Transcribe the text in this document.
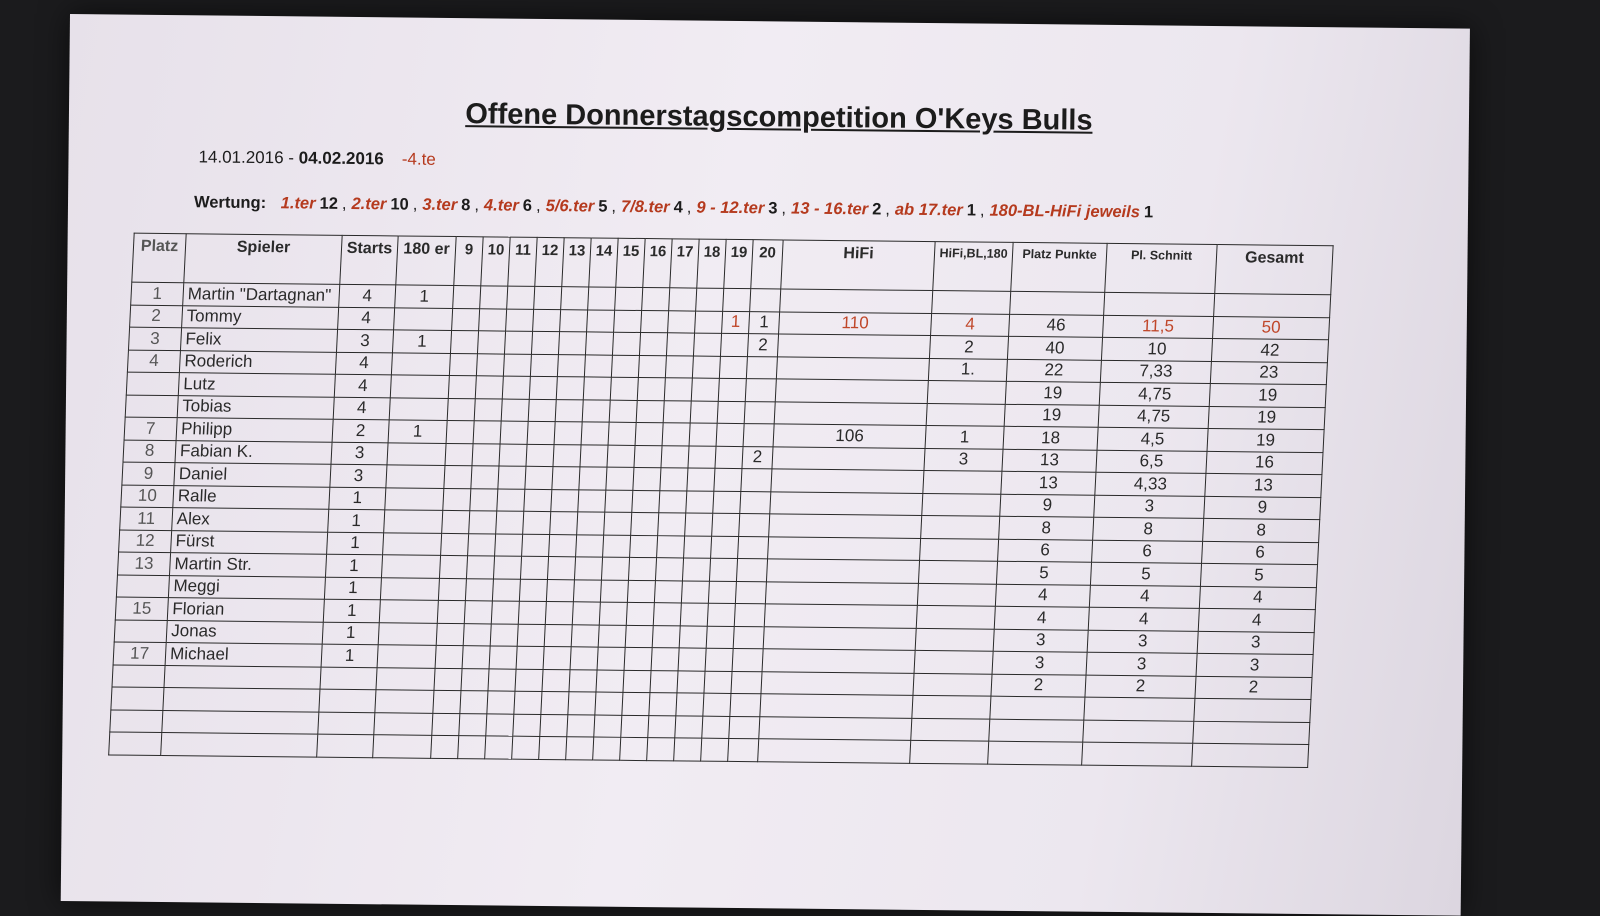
Offene Donnerstagscompetition O'Keys Bulls
14.01.2016 - 04.02.2016 -4.te
Wertung: 1.ter 12 , 2.ter 10 , 3.ter 8 , 4.ter 6 , 5/6.ter 5 , 7/8.ter 4 , 9 - 12.ter 3 , 13 - 16.ter 2 , ab 17.ter 1 , 180-BL-HiFi jeweils 1
Platz	Spieler	Starts	180 er	9	10	11	12	13	14	15	16	17	18	19	20	HiFi	HiFi,BL,180	Platz Punkte	Pl. Schnitt	Gesamt
1	Martin "Dartagnan"	4	1																	
2	Tommy	4												1	1	110	4	46	11,5	50
3	Felix	3	1												2		2	40	10	42
4	Roderich	4															1.	22	7,33	23
	Lutz	4																19	4,75	19
	Tobias	4																19	4,75	19
7	Philipp	2	1													106	1	18	4,5	19
8	Fabian K.	3													2		3	13	6,5	16
9	Daniel	3																13	4,33	13
10	Ralle	1																9	3	9
11	Alex	1																8	8	8
12	Fürst	1																6	6	6
13	Martin Str.	1																5	5	5
	Meggi	1																4	4	4
15	Florian	1																4	4	4
	Jonas	1																3	3	3
17	Michael	1																3	3	3
																		2	2	2
